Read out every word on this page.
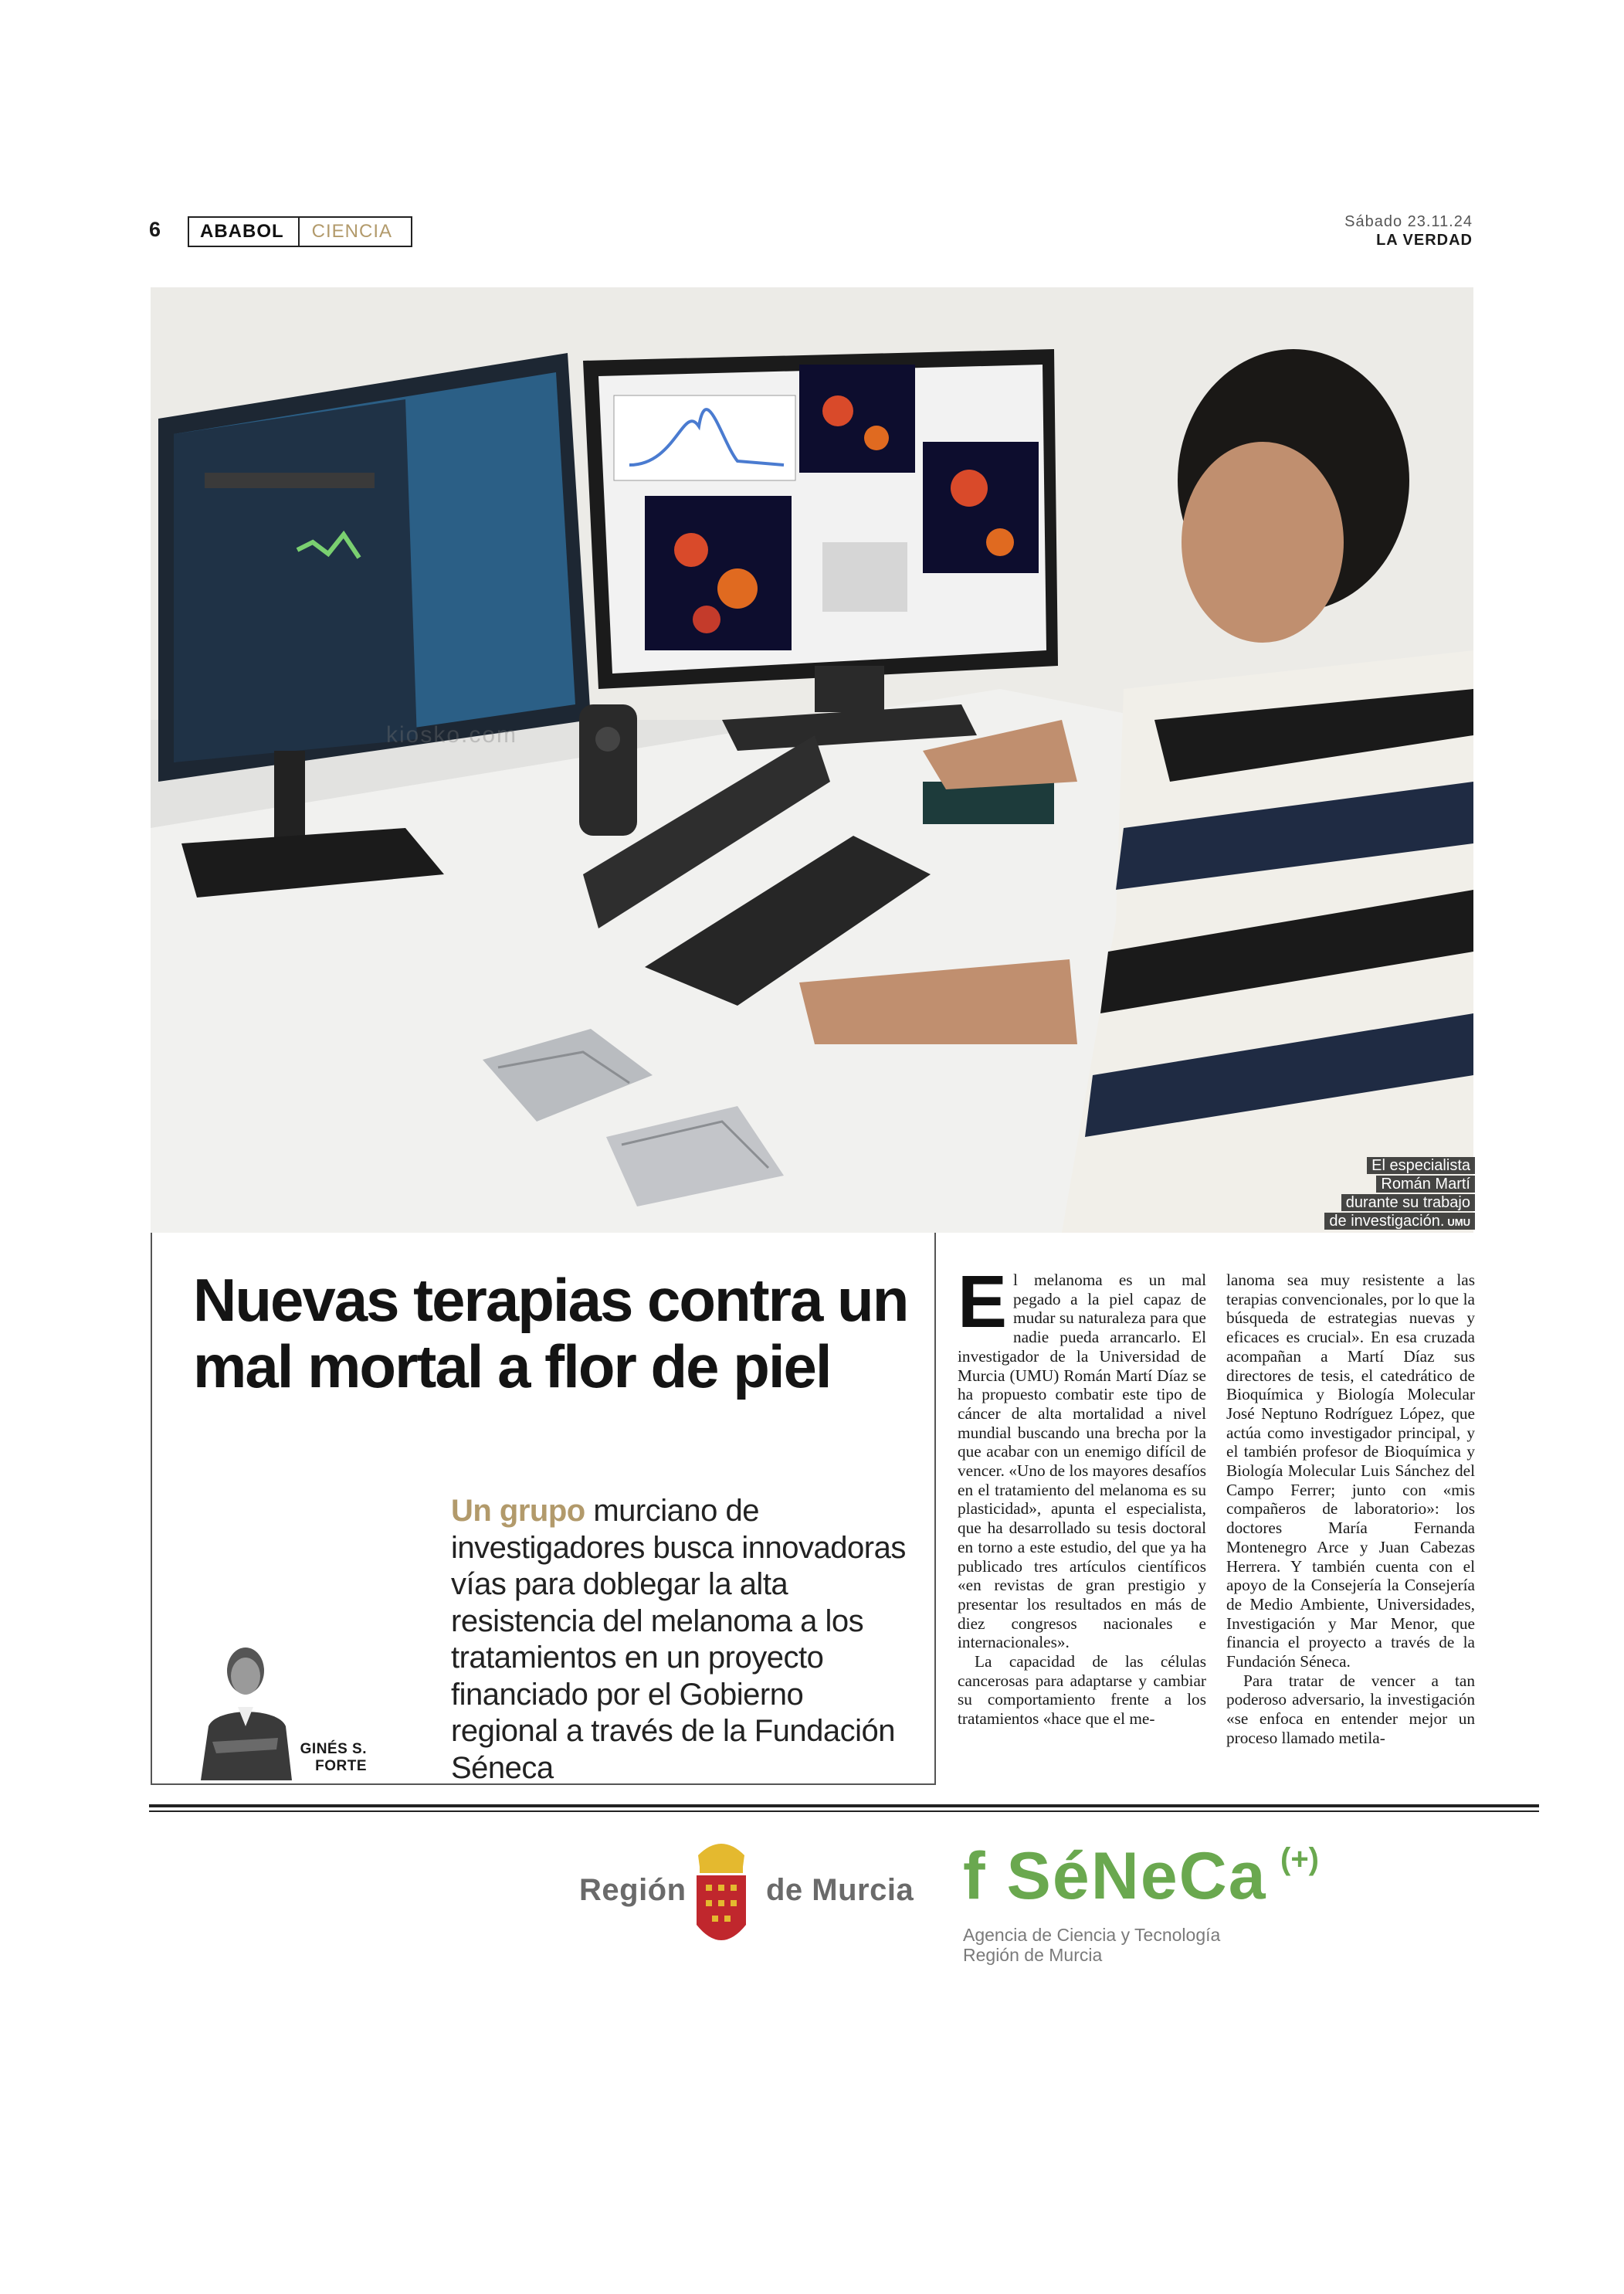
6	ABABOL	CIENCIA	Sábado 23.11.24
LA VERDAD
kiosko.com
El especialista
Román Martí
durante su trabajo
de investigación. UMU
Nuevas terapias contra un
mal mortal a flor de piel
Un grupo murciano de investigadores busca innovadoras vías para doblegar la alta resistencia del melanoma a los tratamientos en un proyecto financiado por el Gobierno regional a través de la Fundación Séneca
GINÉS S.
FORTE

El melanoma es un mal pegado a la piel capaz de mudar su naturaleza para que nadie pueda arrancarlo. El investigador de la Universidad de Murcia (UMU) Román Martí Díaz se ha propuesto combatir este tipo de cáncer de alta mortalidad a nivel mundial buscando una brecha por la que acabar con un enemigo difícil de vencer. «Uno de los mayores desafíos en el tratamiento del melanoma es su plasticidad», apunta el especialista, que ha desarrollado su tesis doctoral en torno a este estudio, del que ya ha publicado tres artículos científicos «en revistas de gran prestigio y presentar los resultados en más de diez congresos nacionales e internacionales».

La capacidad de las células cancerosas para adaptarse y cambiar su comportamiento frente a los tratamientos «hace que el me-

lanoma sea muy resistente a las terapias convencionales, por lo que la búsqueda de estrategias nuevas y eficaces es crucial». En esa cruzada acompañan a Martí Díaz sus directores de tesis, el catedrático de Bioquímica y Biología Molecular José Neptuno Rodríguez López, que actúa como investigador principal, y el también profesor de Bioquímica y Biología Molecular Luis Sánchez del Campo Ferrer; junto con «mis compañeros de laboratorio»: los doctores María Fernanda Montenegro Arce y Juan Cabezas Herrera. Y también cuenta con el apoyo de la Consejería la Consejería de Medio Ambiente, Universidades, Investigación y Mar Menor, que financia el proyecto a través de la Fundación Séneca.

Para tratar de vencer a tan poderoso adversario, la investigación «se enfoca en entender mejor un proceso llamado metila-

Región	de Murcia f SéNeCa (+)
Agencia de Ciencia y Tecnología
Región de Murcia
